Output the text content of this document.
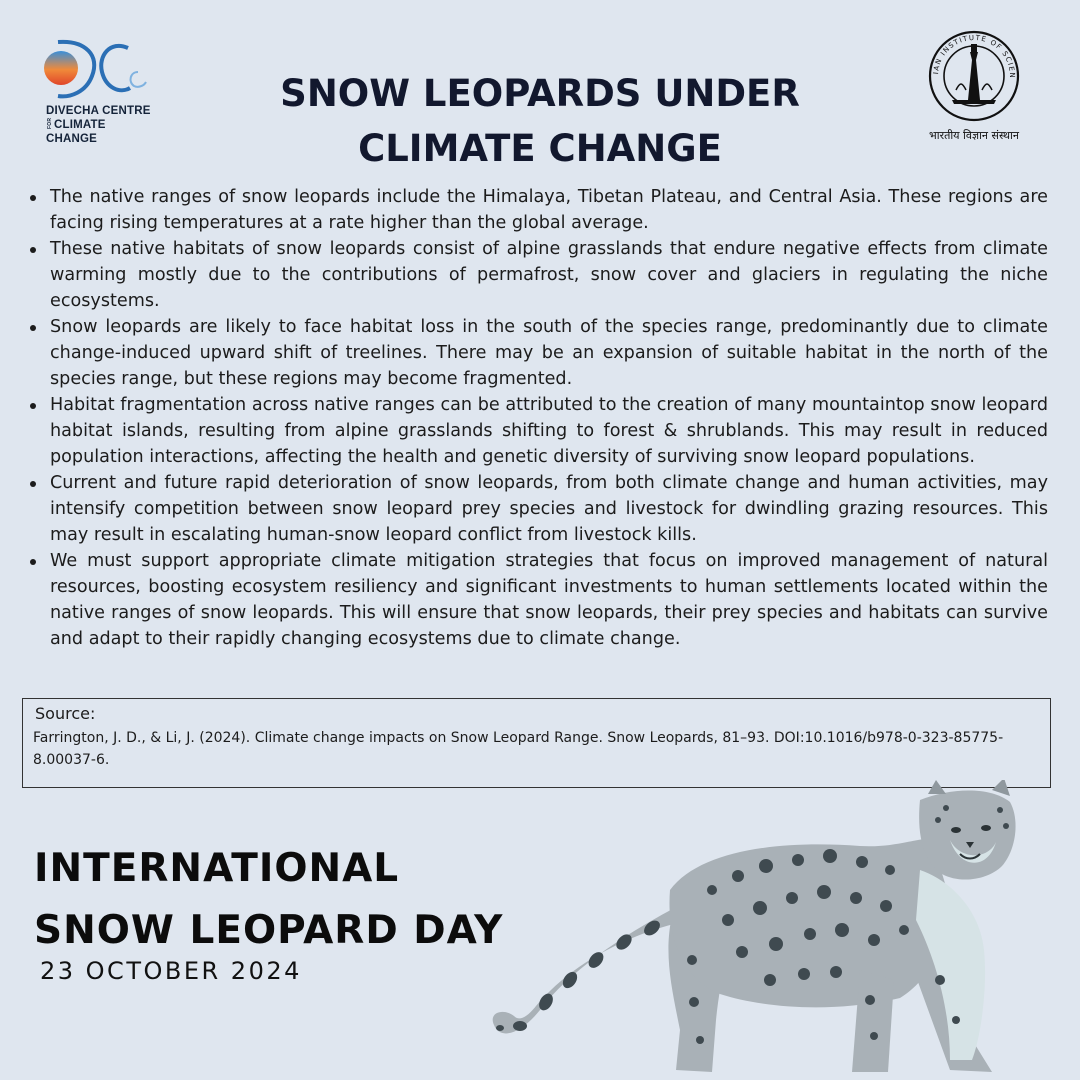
DIVECHA CENTRE
FORCLIMATE CHANGE
IAN INSTITUTE OF SCIEN
भारतीय विज्ञान संस्थान
SNOW LEOPARDS UNDER
CLIMATE CHANGE
The native ranges of snow leopards include the Himalaya, Tibetan Plateau, and Central Asia. These regions are facing rising temperatures at a rate higher than the global average.
These native habitats of snow leopards consist of alpine grasslands that endure negative effects from climate warming mostly due to the contributions of permafrost, snow cover and glaciers in regulating the niche ecosystems.
Snow leopards are likely to face habitat loss in the south of the species range, predominantly due to climate change-induced upward shift of treelines. There may be an expansion of suitable habitat in the north of the species range, but these regions may become fragmented.
Habitat fragmentation across native ranges can be attributed to the creation of many mountaintop snow leopard habitat islands, resulting from alpine grasslands shifting to forest & shrublands. This may result in reduced population interactions, affecting the health and genetic diversity of surviving snow leopard populations.
Current and future rapid deterioration of snow leopards, from both climate change and human activities, may intensify competition between snow leopard prey species and livestock for dwindling grazing resources. This may result in escalating human-snow leopard conflict from livestock kills.
We must support appropriate climate mitigation strategies that focus on improved management of natural resources, boosting ecosystem resiliency and significant investments to human settlements located within the native ranges of snow leopards. This will ensure that snow leopards, their prey species and habitats can survive and adapt to their rapidly changing ecosystems due to climate change.
Source:
Farrington, J. D., & Li, J. (2024). Climate change impacts on Snow Leopard Range. Snow Leopards, 81–93. DOI:10.1016/b978-0-323-85775-8.00037-6.
INTERNATIONAL
SNOW LEOPARD DAY
23 OCTOBER 2024
